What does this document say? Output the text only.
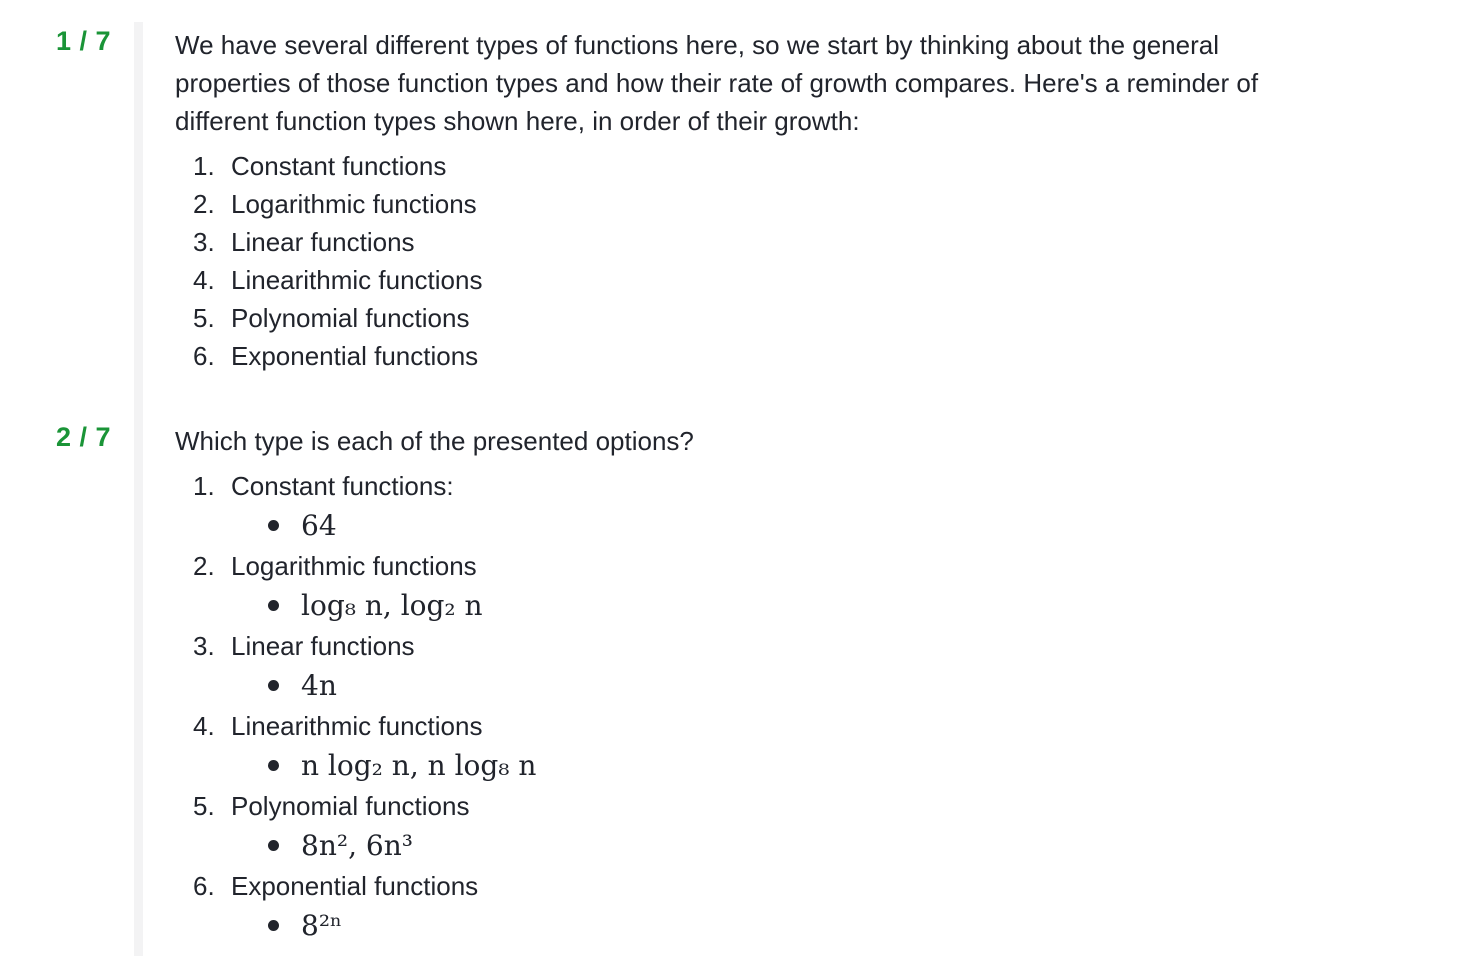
1 / 7	We have several different types of functions here, so we start by thinking about the general

properties of those function types and how their rate of growth compares. Here's a reminder of

different function types shown here, in order of their growth:

1. Constant functions
2. Logarithmic functions
3. Linear functions
4. Linearithmic functions
5. Polynomial functions
6. Exponential functions
2 / 7	Which type is each of the presented options?

1. Constant functions:
64
2. Logarithmic functions
log₈ n, log₂ n
3. Linear functions
4n
4. Linearithmic functions
n log₂ n, n log₈ n
5. Polynomial functions
8n², 6n³
6. Exponential functions
8²ⁿ
